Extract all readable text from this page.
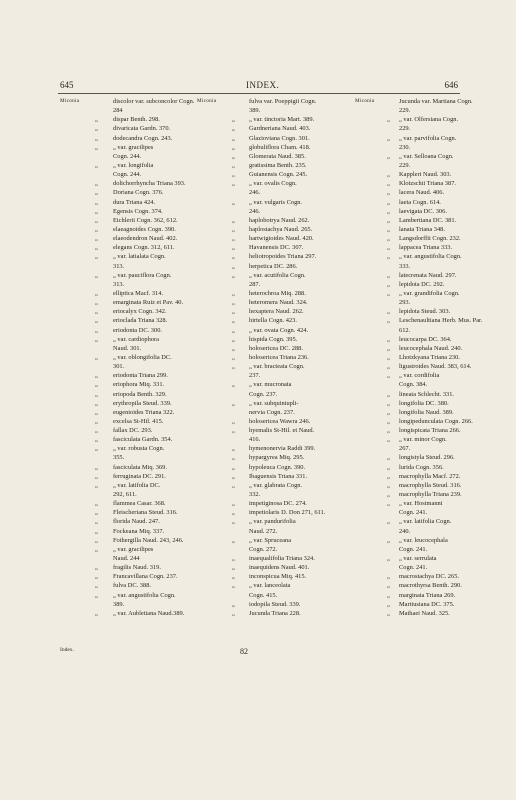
645	INDEX.	646
Miconia	discolor var. subconcolor Cogn.
284
„	dispar Benth. 298.
„	divaricata Gardn. 370.
„	dodecandra Cogn. 243.
„	„ var. gracilipes
Cogn. 244.
„	„ var. longifolia
Cogn. 244.
„	dolichorrhyncha Triana 393.
„	Doriana Cogn. 376.
„	dura Triana 424.
„	Egensis Cogn. 374.
„	Eichlerii Cogn. 362, 612.
„	elaeagnoides Cogn. 390.
„	elaeodendron Naud. 402.
„	elegans Cogn. 312, 611.
„	„ var. latialata Cogn.
313.
„	„ var. pauciflora Cogn.
313.
„	elliptica Macf. 314.
„	emarginata Ruiz et Pav. 40.
„	eriocalyx Cogn. 342.
„	erioclada Triana 328.
„	eriodonta DC. 300.
„	„ var. cardiophora
Naud. 301.
„	„ var. oblongifolia DC.
301.
„	eriodonta Triana 299.
„	eriophora Miq. 331.
„	eriopoda Benth. 329.
„	erythropila Steud. 339.
„	eugenioides Triana 322.
„	excelsa St-Hil. 415.
„	fallax DC. 293.
„	fasciculata Gardn. 354.
„	„ var. robusta Cogn.
355.
„	fasciculata Miq. 369.
„	ferruginata DC. 291.
„	„ var. latifolia DC.
292, 611.
„	flammea Casar. 368.
„	Fleischeriana Steud. 316.
„	florida Naud. 247.
„	Fockeana Miq. 337.
„	Fothergilla Naud. 243, 246.
„	„ var. gracilipes
Naud. 244
„	fragilis Naud. 319.
„	Francavillana Cogn. 237.
„	fulva DC. 388.
„	„ var. angustifolia Cogn.
389.
„	„ var. Aubletiana Naud.389.
Miconia	fulva var. Poeppigii Cogn.
389.
„	„ var. tinctoria Mart. 389.
„	Gardneriana Naud. 403.
„	Glazioviana Cogn. 301.
„	globuliflora Cham. 418.
„	Glomerata Naud. 385.
„	gratissima Benth. 235.
„	Guianensis Cogn. 245.
„	„ var. ovalis Cogn.
246.
„	„ var. vulgaris Cogn.
246.
„	haplobotrya Naud. 262.
„	haplostachya Naud. 265.
„	hartwigioides Naud. 420.
„	Havanensis DC. 307.
„	heliotropoides Triana 297.
„	herpetica DC. 286.
„	„ var. acutifolia Cogn.
287.
„	heterochroa Miq. 288.
„	heteromera Naud. 324.
„	hexaptera Naud. 262.
„	hirtella Cogn. 423.
„	„ var. ovata Cogn. 424.
„	hispida Cogn. 395.
„	holosericea DC. 288.
„	holosericea Triana 236.
„	„ var. bracteata Cogn.
237.
„	„ var. mucronata
Cogn. 237.
„	„ var. subquintupli-
nervia Cogn. 237.
„	holosericea Wawra 246.
„	hyemalis St-Hil. et Naud.
416.
„	hymenonervia Raddi 399.
„	hypargyrea Miq. 295.
„	hypoleuca Cogn. 390.
„	Ibaguensis Triana 331.
„	„ var. glabrata Cogn.
332.
„	impetiginosa DC. 274.
„	impetiolaris D. Don 271, 611.
„	„ var. pandurifolia
Naud. 272.
„	„ var. Spruceana
Cogn. 272.
„	inaequalifolia Triana 324.
„	inaequidens Naud. 401.
„	inconspicua Miq. 415.
„	„ var. lanceolata
Cogn. 415.
„	iodopila Steud. 339.
„	Jucunda Triana 228.
Miconia	Jucunda var. Martiana Cogn.
229.
„	„ var. Olfersiana Cogn.
229.
„	„ var. parvifolia Cogn.
230.
„	„ var. Selloana Cogn.
229.
„	Kappleri Naud. 303.
„	Klotzschii Triana 387.
„	lacera Naud. 406.
„	laeta Cogn. 614.
„	laevigata DC. 306.
„	Lambertiana DC. 381.
„	lanata Triana 348.
„	Langsdorffii Cogn. 232.
„	lappacea Triana 333.
„	„ var. angustifolia Cogn.
333.
„	latecrenata Naud. 297.
„	lepidota DC. 292.
„	„ var. grandifolia Cogn.
293.
„	lepidota Steud. 303.
„	Leschenaultiana Herb. Mus. Par.
612.
„	leucocarpa DC. 364.
„	leucocephala Naud. 240.
„	Lhotzkyana Triana 230.
„	ligustroides Naud. 383, 614.
„	„ var. cordifolia
Cogn. 384.
„	lineata Schlecht. 331.
„	longifolia DC. 380.
„	longifolia Naud. 389.
„	longipedunculata Cogn. 266.
„	longispicata Triana 266.
„	„ var. minor Cogn.
267.
„	longistyla Steud. 296.
„	lurida Cogn. 356.
„	macrophylla Macf. 272.
„	macrophylla Steud. 316.
„	macrophylla Triana 239.
„	„ var. Hostmanni
Cogn. 241.
„	„ var. latifolia Cogn.
240.
„	„ var. leucocephala
Cogn. 241.
„	„ var. serrulata
Cogn. 241.
„	macrostachya DC. 265.
„	macrothyrsa Benth. 290.
„	marginata Triana 269.
„	Martiusiana DC. 375.
„	Mathaei Naud. 325.
Index.	82
